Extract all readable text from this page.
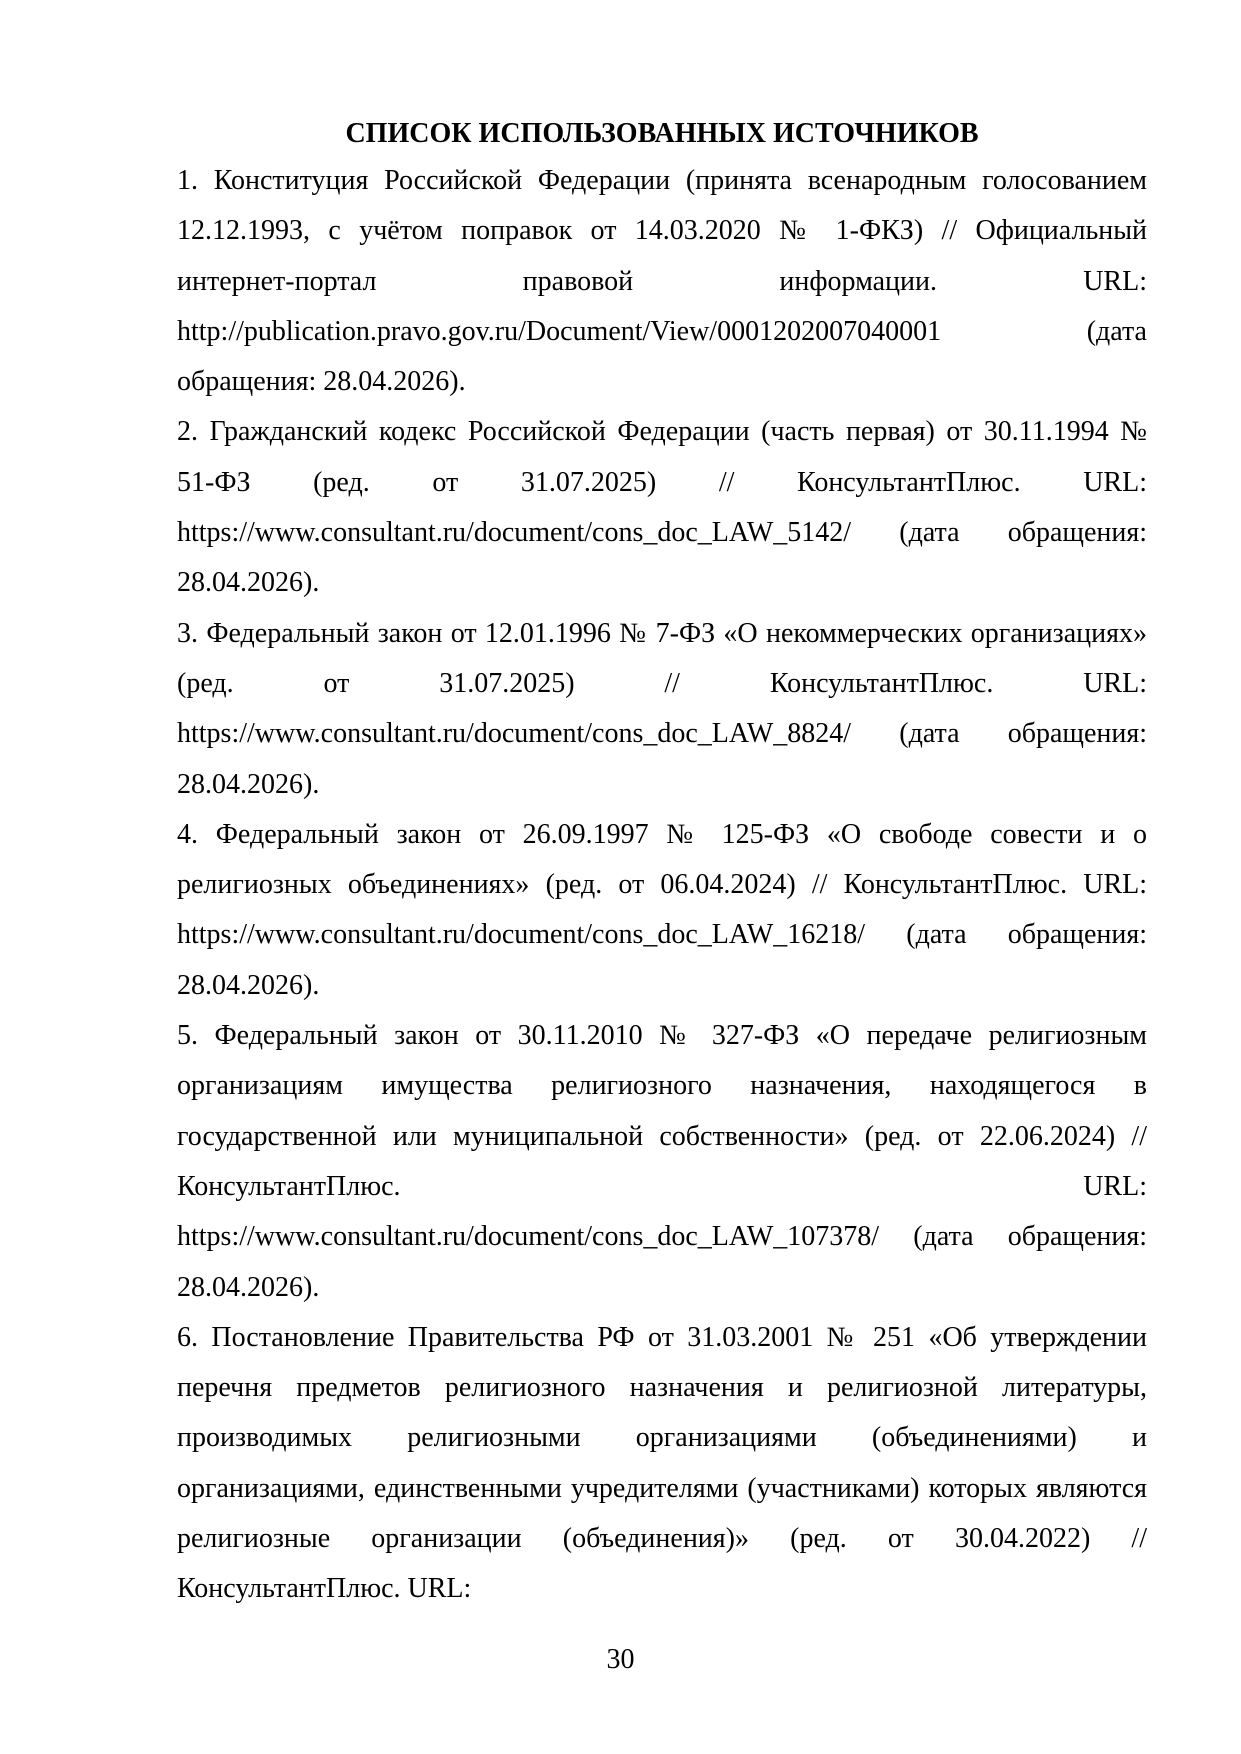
СПИСОК ИСПОЛЬЗОВАННЫХ ИСТОЧНИКОВ

1. Конституция Российской Федерации (принята всенародным голосованием 12.12.1993, с учётом поправок от 14.03.2020 № 1-ФКЗ) // Официальный интернет-портал правовой информации. URL: http://publication.pravo.gov.ru/Document/View/0001202007040001 (дата обращения: 28.04.2026).

2. Гражданский кодекс Российской Федерации (часть первая) от 30.11.1994 № 51-ФЗ (ред. от 31.07.2025) // КонсультантПлюс. URL: https://www.consultant.ru/document/cons_doc_LAW_5142/ (дата обращения: 28.04.2026).

3. Федеральный закон от 12.01.1996 № 7-ФЗ «О некоммерческих организациях» (ред. от 31.07.2025) // КонсультантПлюс. URL: https://www.consultant.ru/document/cons_doc_LAW_8824/ (дата обращения: 28.04.2026).

4. Федеральный закон от 26.09.1997 № 125-ФЗ «О свободе совести и о религиозных объединениях» (ред. от 06.04.2024) // КонсультантПлюс. URL: https://www.consultant.ru/document/cons_doc_LAW_16218/ (дата обращения: 28.04.2026).

5. Федеральный закон от 30.11.2010 № 327-ФЗ «О передаче религиозным организациям имущества религиозного назначения, находящегося в государственной или муниципальной собственности» (ред. от 22.06.2024) // КонсультантПлюс. URL: https://www.consultant.ru/document/cons_doc_LAW_107378/ (дата обращения: 28.04.2026).

6. Постановление Правительства РФ от 31.03.2001 № 251 «Об утверждении перечня предметов религиозного назначения и религиозной литературы, производимых религиозными организациями (объединениями) и организациями, единственными учредителями (участниками) которых являются религиозные организации (объединения)» (ред. от 30.04.2022) // КонсультантПлюс. URL:

30
